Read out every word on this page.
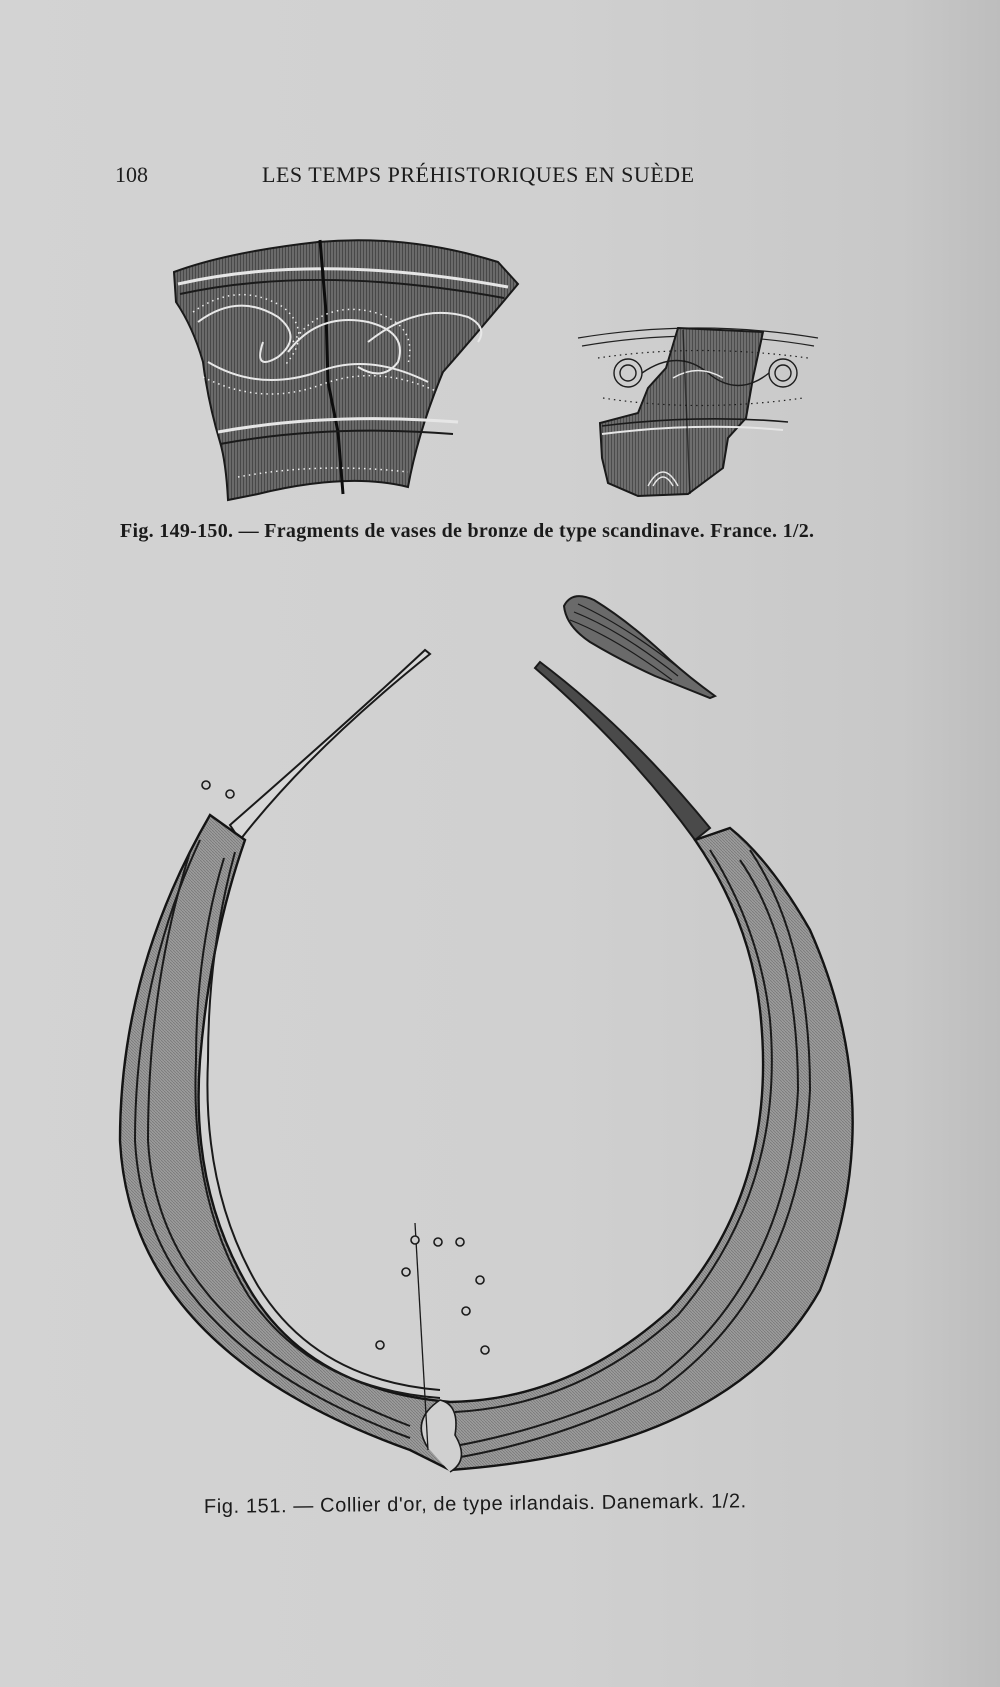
108	LES TEMPS PRÉHISTORIQUES EN SUÈDE
Fig. 149-150. — Fragments de vases de bronze de type scandinave. France. 1/2.
Fig. 151. — Collier d'or, de type irlandais. Danemark. 1/2.
